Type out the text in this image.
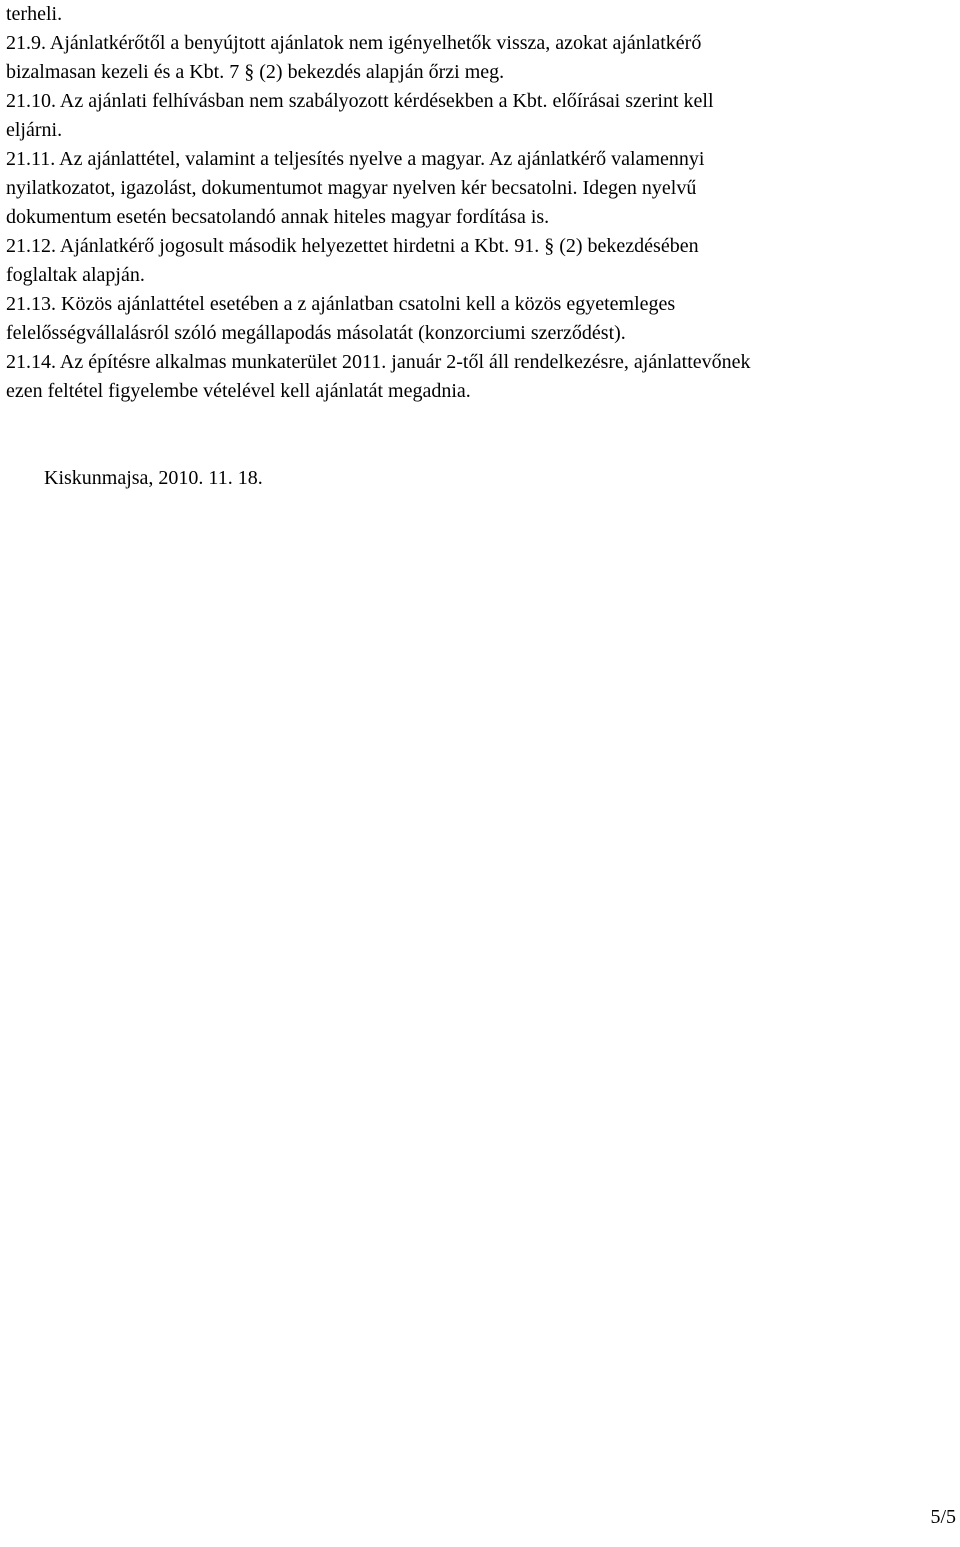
terheli.
21.9. Ajánlatkérőtől a benyújtott ajánlatok nem igényelhetők vissza, azokat ajánlatkérő
bizalmasan kezeli és a Kbt. 7 § (2) bekezdés alapján őrzi meg.
21.10. Az ajánlati felhívásban nem szabályozott kérdésekben a Kbt. előírásai szerint kell
eljárni.
21.11. Az ajánlattétel, valamint a teljesítés nyelve a magyar. Az ajánlatkérő valamennyi
nyilatkozatot, igazolást, dokumentumot magyar nyelven kér becsatolni. Idegen nyelvű
dokumentum esetén becsatolandó annak hiteles magyar fordítása is.
21.12. Ajánlatkérő jogosult második helyezettet hirdetni a Kbt. 91. § (2) bekezdésében
foglaltak alapján.
21.13. Közös ajánlattétel esetében a z ajánlatban csatolni kell a közös egyetemleges
felelősségvállalásról szóló megállapodás másolatát (konzorciumi szerződést).
21.14. Az építésre alkalmas munkaterület 2011. január 2-től áll rendelkezésre, ajánlattevőnek
ezen feltétel figyelembe vételével kell ajánlatát megadnia.
Kiskunmajsa, 2010. 11. 18.
5/5
